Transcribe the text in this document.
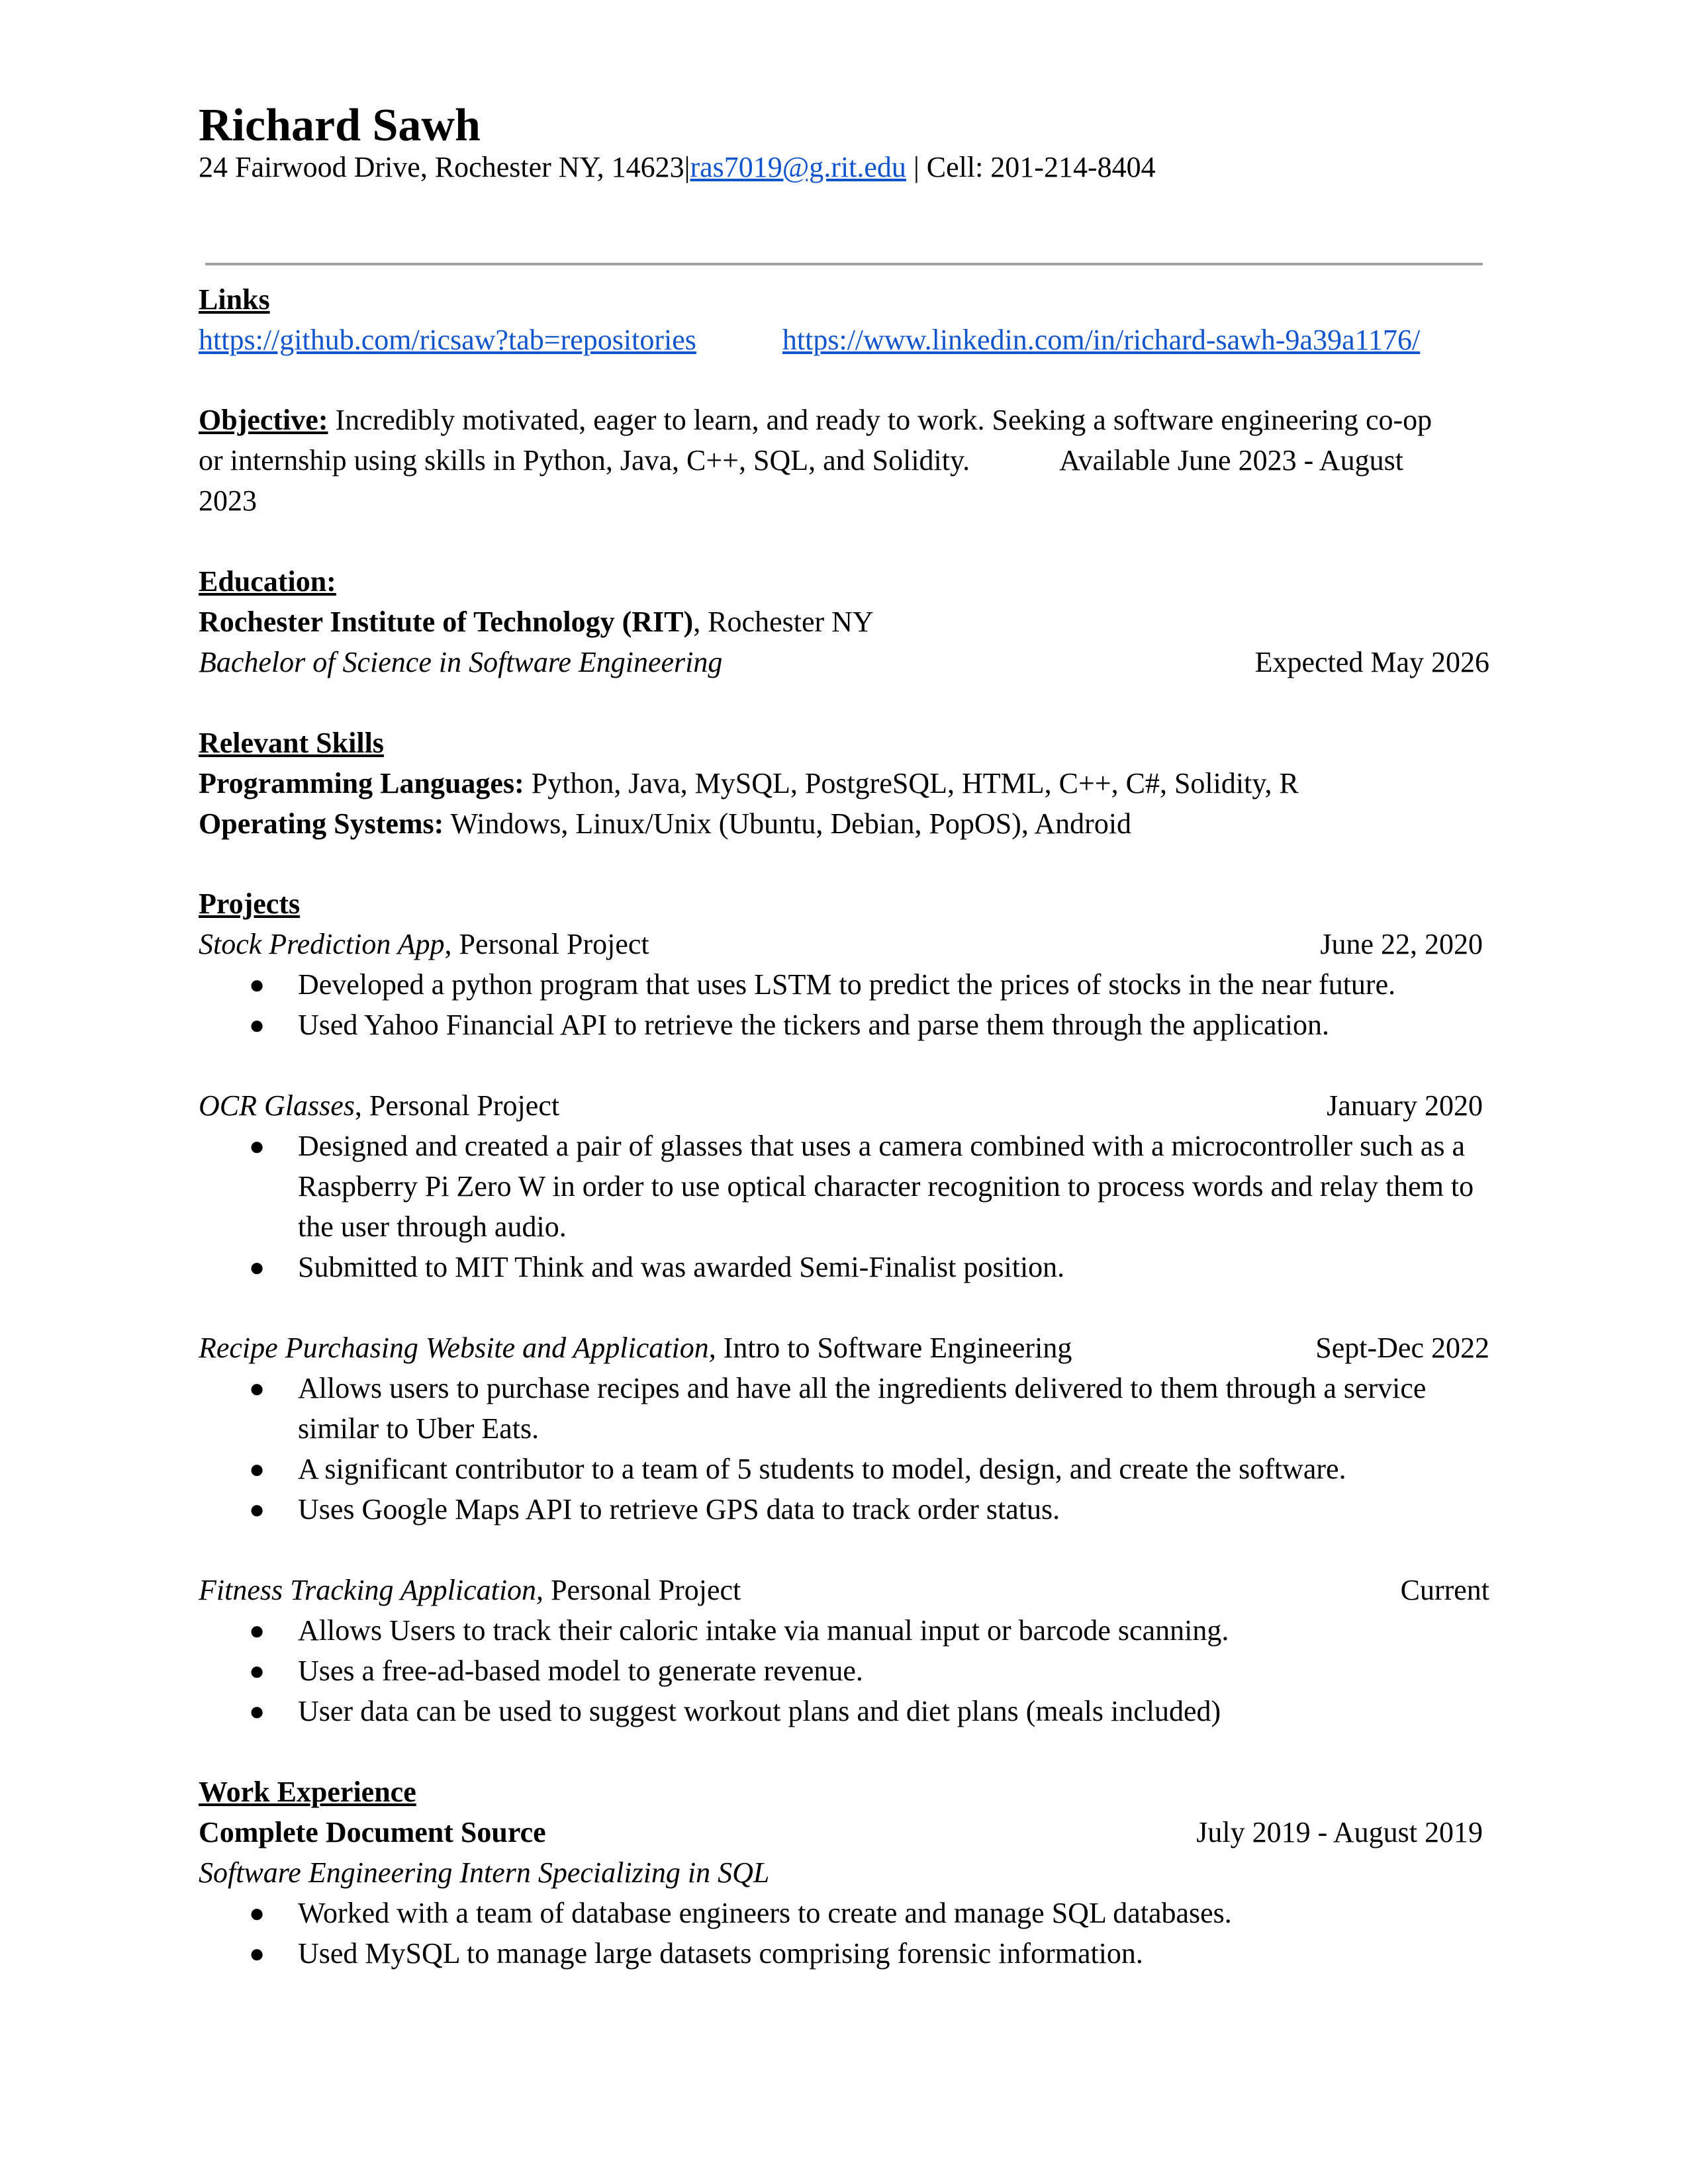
Richard Sawh
24 Fairwood Drive, Rochester NY, 14623|ras7019@g.rit.edu | Cell: 201-214-8404
Links
https://github.com/ricsaw?tab=repositories	https://www.linkedin.com/in/richard-sawh-9a39a1176/
Objective: Incredibly motivated, eager to learn, and ready to work. Seeking a software engineering co-op
or internship using skills in Python, Java, C++, SQL, and Solidity.	Available June 2023 - August
2023
Education:
Rochester Institute of Technology (RIT), Rochester NY
Bachelor of Science in Software Engineering	Expected May 2026
Relevant Skills
Programming Languages: Python, Java, MySQL, PostgreSQL, HTML, C++, C#, Solidity, R
Operating Systems: Windows, Linux/Unix (Ubuntu, Debian, PopOS), Android
Projects
Stock Prediction App, Personal Project	June 22, 2020
● Developed a python program that uses LSTM to predict the prices of stocks in the near future.
● Used Yahoo Financial API to retrieve the tickers and parse them through the application.
OCR Glasses, Personal Project	January 2020
● Designed and created a pair of glasses that uses a camera combined with a microcontroller such as a Raspberry Pi Zero W in order to use optical character recognition to process words and relay them to the user through audio.
● Submitted to MIT Think and was awarded Semi-Finalist position.
Recipe Purchasing Website and Application, Intro to Software Engineering	Sept-Dec 2022
● Allows users to purchase recipes and have all the ingredients delivered to them through a service similar to Uber Eats.
● A significant contributor to a team of 5 students to model, design, and create the software.
● Uses Google Maps API to retrieve GPS data to track order status.
Fitness Tracking Application, Personal Project	Current
● Allows Users to track their caloric intake via manual input or barcode scanning.
● Uses a free-ad-based model to generate revenue.
● User data can be used to suggest workout plans and diet plans (meals included)
Work Experience
Complete Document Source	July 2019 - August 2019
Software Engineering Intern Specializing in SQL
● Worked with a team of database engineers to create and manage SQL databases.
● Used MySQL to manage large datasets comprising forensic information.
